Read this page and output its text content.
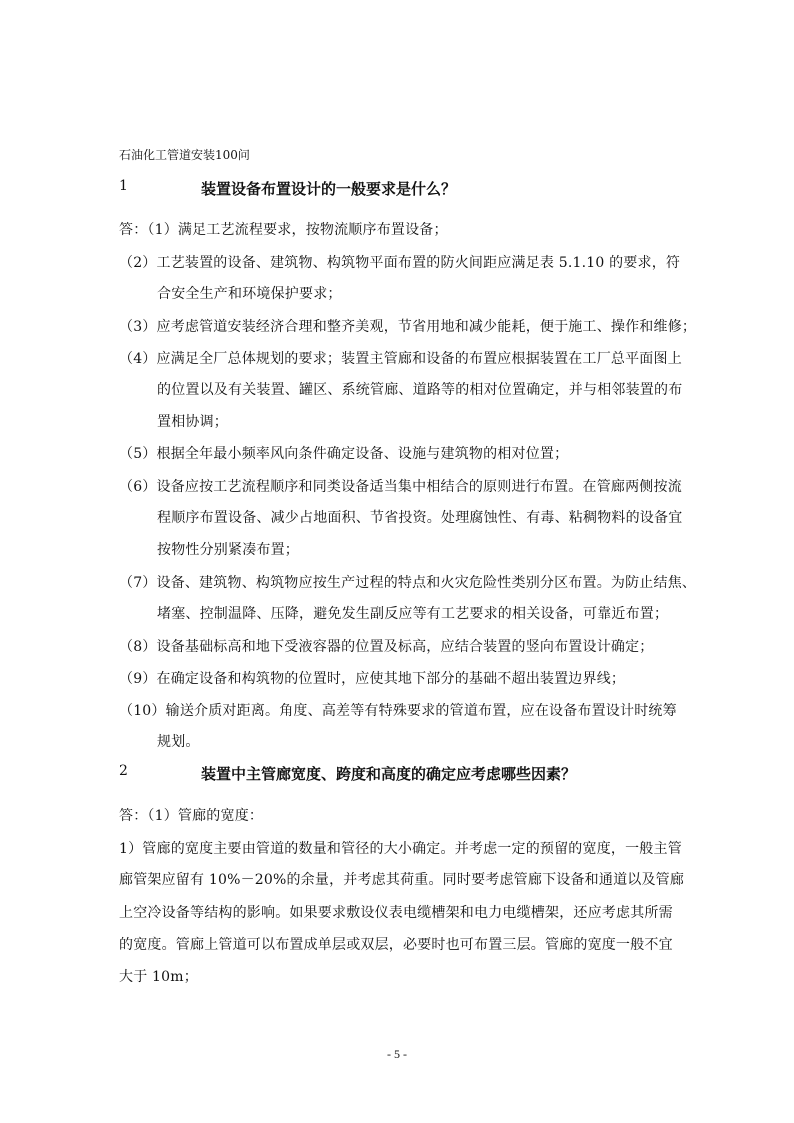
石油化工管道安装100问
1	装置设备布置设计的一般要求是什么？
答：（1）满足工艺流程要求，按物流顺序布置设备；
（2）工艺装置的设备、建筑物、构筑物平面布置的防火间距应满足表 5.1.10 的要求，符
合安全生产和环境保护要求；
（3）应考虑管道安装经济合理和整齐美观，节省用地和减少能耗，便于施工、操作和维修；
（4）应满足全厂总体规划的要求；装置主管廊和设备的布置应根据装置在工厂总平面图上
的位置以及有关装置、罐区、系统管廊、道路等的相对位置确定，并与相邻装置的布
置相协调；
（5）根据全年最小频率风向条件确定设备、设施与建筑物的相对位置；
（6）设备应按工艺流程顺序和同类设备适当集中相结合的原则进行布置。在管廊两侧按流
程顺序布置设备、减少占地面积、节省投资。处理腐蚀性、有毒、粘稠物料的设备宜
按物性分别紧凑布置；
（7）设备、建筑物、构筑物应按生产过程的特点和火灾危险性类别分区布置。为防止结焦、
堵塞、控制温降、压降，避免发生副反应等有工艺要求的相关设备，可靠近布置；
（8）设备基础标高和地下受液容器的位置及标高，应结合装置的竖向布置设计确定；
（9）在确定设备和构筑物的位置时，应使其地下部分的基础不超出装置边界线；
（10）输送介质对距离。角度、高差等有特殊要求的管道布置，应在设备布置设计时统筹
规划。
2	装置中主管廊宽度、跨度和高度的确定应考虑哪些因素？
答：（1）管廊的宽度：
1）管廊的宽度主要由管道的数量和管径的大小确定。并考虑一定的预留的宽度，一般主管
廊管架应留有 10%－20%的余量，并考虑其荷重。同时要考虑管廊下设备和通道以及管廊
上空冷设备等结构的影响。如果要求敷设仪表电缆槽架和电力电缆槽架，还应考虑其所需
的宽度。管廊上管道可以布置成单层或双层，必要时也可布置三层。管廊的宽度一般不宜
大于 10m；
- 5 -
